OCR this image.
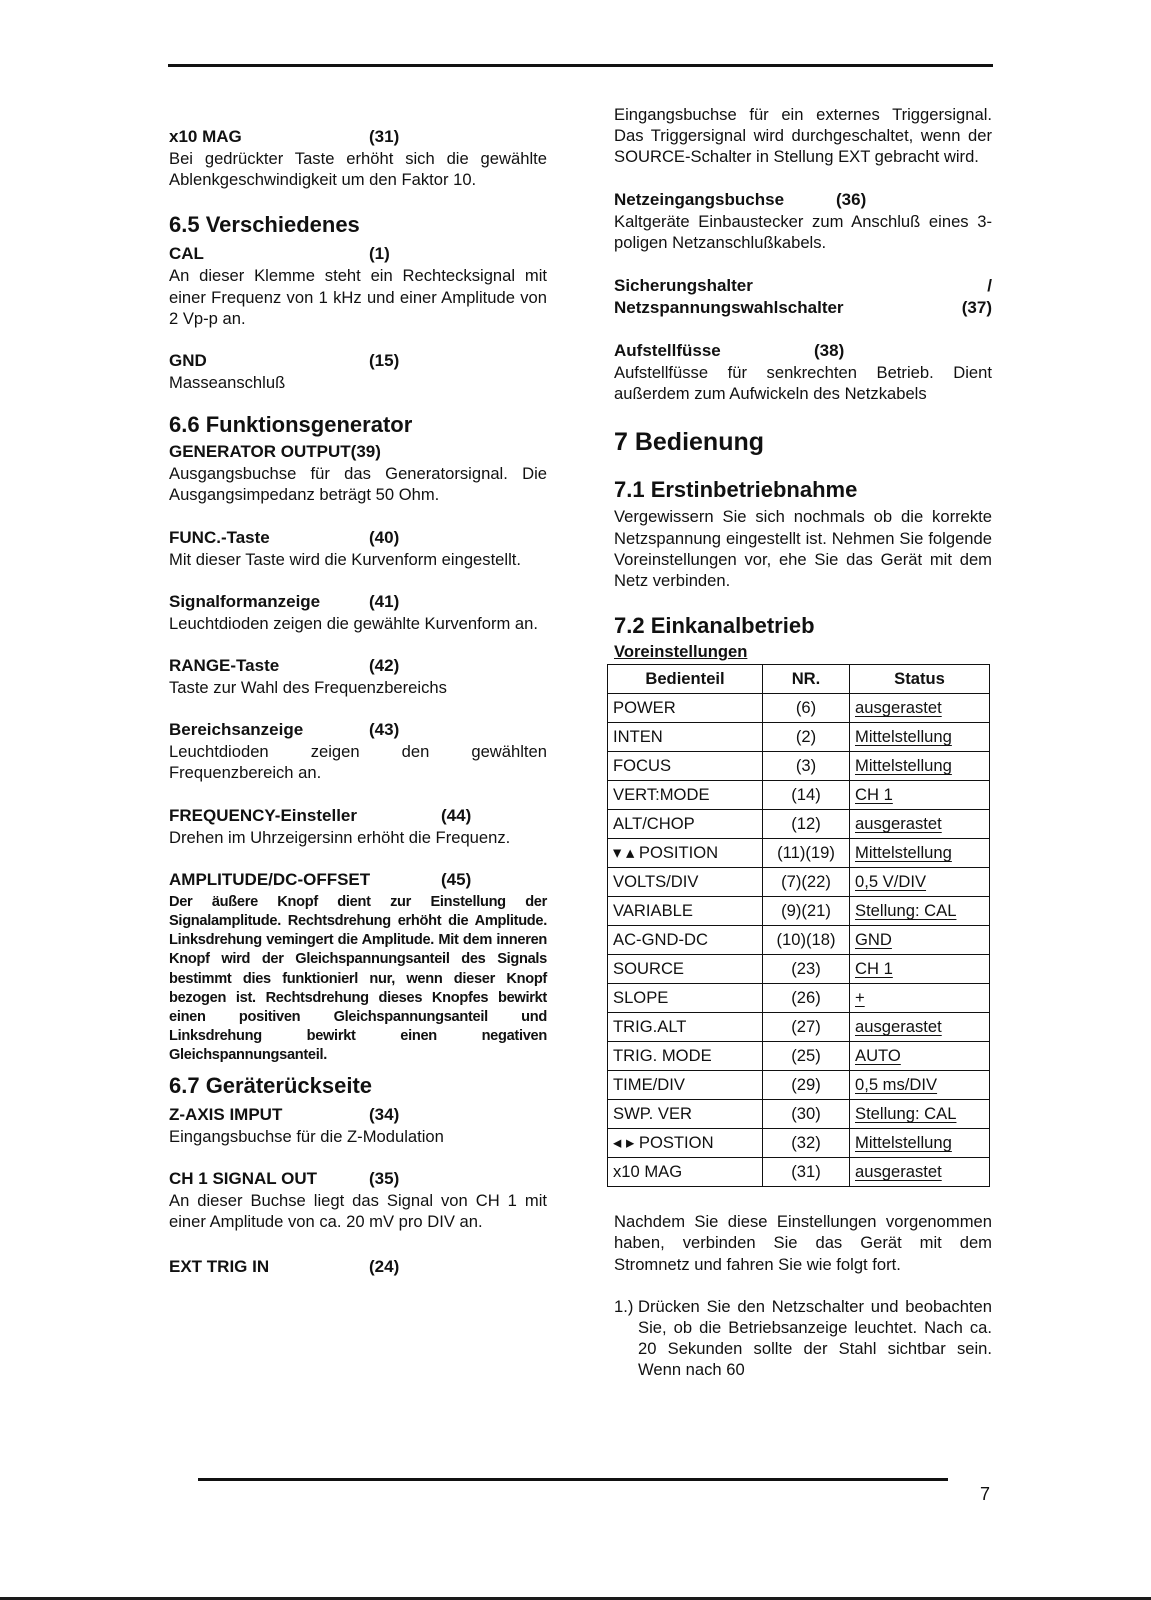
x10 MAG	(31)

Bei gedrückter Taste erhöht sich die gewählte Ablenkgeschwindigkeit um den Faktor 10.

6.5 Verschiedenes
CAL	(1)

An dieser Klemme steht ein Rechtecksignal mit einer Frequenz von 1 kHz und einer Amplitude von 2 Vp-p an.

GND	(15)

Masseanschluß

6.6 Funktionsgenerator
GENERATOR OUTPUT(39)

Ausgangsbuchse für das Generatorsignal. Die Ausgangsimpedanz beträgt 50 Ohm.

FUNC.-Taste	(40)

Mit dieser Taste wird die Kurvenform eingestellt.

Signalformanzeige	(41)

Leuchtdioden zeigen die gewählte Kurvenform an.

RANGE-Taste	(42)

Taste zur Wahl des Frequenzbereichs

Bereichsanzeige	(43)

Leuchtdioden zeigen den gewählten Frequenzbereich an.

FREQUENCY-Einsteller	(44)

Drehen im Uhrzeigersinn erhöht die Frequenz.

AMPLITUDE/DC-OFFSET	(45)

Der äußere Knopf dient zur Einstellung der Signalamplitude. Rechtsdrehung erhöht die Amplitude. Linksdrehung vemingert die Amplitude. Mit dem inneren Knopf wird der Gleichspannungsanteil des Signals bestimmt dies funktionierl nur, wenn dieser Knopf bezogen ist. Rechtsdrehung dieses Knopfes bewirkt einen positiven Gleichspannungsanteil und Linksdrehung bewirkt einen negativen Gleichspannungsanteil.

6.7 Geräterückseite
Z-AXIS IMPUT	(34)

Eingangsbuchse für die Z-Modulation

CH 1 SIGNAL OUT	(35)

An dieser Buchse liegt das Signal von CH 1 mit einer Amplitude von ca. 20 mV pro DIV an.

EXT TRIG IN	(24)

Eingangsbuchse für ein externes Triggersignal. Das Triggersignal wird durchgeschaltet, wenn der SOURCE-Schalter in Stellung EXT gebracht wird.

Netzeingangsbuchse	(36)

Kaltgeräte Einbaustecker zum Anschluß eines 3-poligen Netzanschlußkabels.

Sicherungshalter	/
Netzspannungswahlschalter	(37)
Aufstellfüsse	(38)

Aufstellfüsse für senkrechten Betrieb. Dient außerdem zum Aufwickeln des Netzkabels

7 Bedienung
7.1 Erstinbetriebnahme

Vergewissern Sie sich nochmals ob die korrekte Netzspannung eingestellt ist. Nehmen Sie folgende Voreinstellungen vor, ehe Sie das Gerät mit dem Netz verbinden.

7.2 Einkanalbetrieb
Voreinstellungen
Bedienteil	NR.	Status
POWER	(6)	ausgerastet
INTEN	(2)	Mittelstellung
FOCUS	(3)	Mittelstellung
VERT:MODE	(14)	CH 1
ALT/CHOP	(12)	ausgerastet
▾ ▴ POSITION	(11)(19)	Mittelstellung
VOLTS/DIV	(7)(22)	0,5 V/DIV
VARIABLE	(9)(21)	Stellung: CAL
AC-GND-DC	(10)(18)	GND
SOURCE	(23)	CH 1
SLOPE	(26)	+
TRIG.ALT	(27)	ausgerastet
TRIG. MODE	(25)	AUTO
TIME/DIV	(29)	0,5 ms/DIV
SWP. VER	(30)	Stellung: CAL
◂ ▸ POSTION	(32)	Mittelstellung
x10 MAG	(31)	ausgerastet

Nachdem Sie diese Einstellungen vorgenommen haben, verbinden Sie das Gerät mit dem Stromnetz und fahren Sie wie folgt fort.

1.) Drücken Sie den Netzschalter und beobachten Sie, ob die Betriebsanzeige leuchtet. Nach ca. 20 Sekunden sollte der Stahl sichtbar sein. Wenn nach 60
7
